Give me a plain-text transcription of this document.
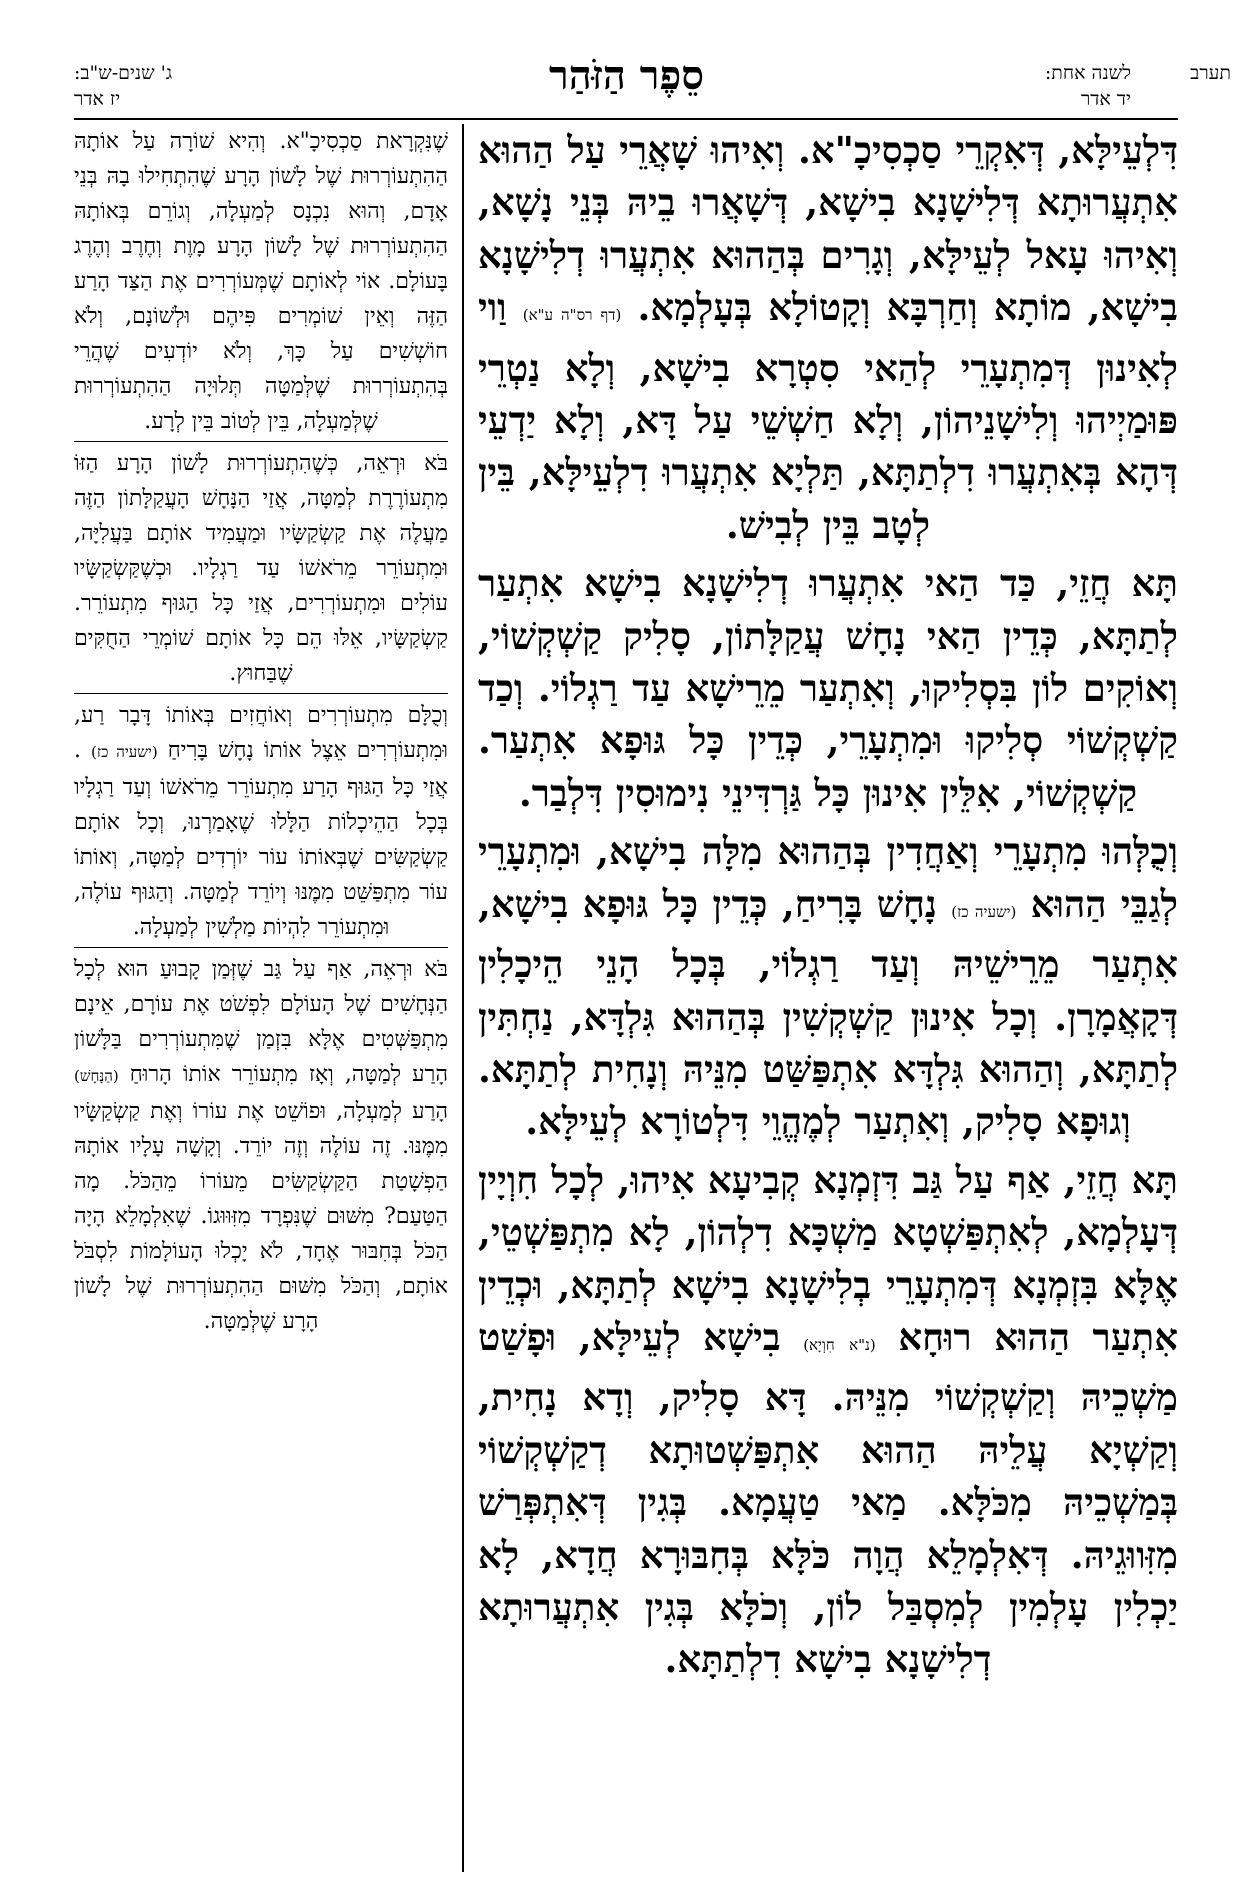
תערב
לשנה אחת:
יד אדר
סֵפֶר הַזֹּהַר
ג' שנים-ש"ב:
יז אדר

דִּלְעֵילָּא, דְּאִקְרֵי סַכְסִיכָ"א. וְאִיהוּ שָׁאֲרֵי עַל הַהוּא אִתְעֲרוּתָא דְּלִישָׁנָא בִישָׁא, דְּשָׁאֲרוּ בֵיהּ בְּנֵי נָשָׁא, וְאִיהוּ עָאל לְעֵילָּא, וְגָרִים בְּהַהוּא אִתְעֲרוּ דְלִישָׁנָא בִישָׁא, מוֹתָא וְחַרְבָּא וְקָטוֹלָא בְּעָלְמָא. (דף רס"ה ע"א) וַוי לְאִינוּן דְּמִתְעָרֵי לְהַאי סִטְרָא בִישָׁא, וְלָא נַטְרֵי פּוּמַיְיהוּ וְלִישָׁנֵיהוֹן, וְלָא חַשְׁשֵׁי עַל דָּא, וְלָא יַדְעֵי דְּהָא בְּאִתְעֲרוּ דִלְתַתָּא, תַּלְיָא אִתְעֲרוּ דִלְעֵילָּא, בֵּין לְטָב בֵּין לְבִישׁ.

תָּא חֲזֵי, כַּד הַאי אִתְעֲרוּ דְלִישָׁנָא בִישָׁא אִתְעַר לְתַתָּא, כְּדֵין הַאי נָחָשׁ עֲקַלָּתוֹן, סָלִיק קַשְׁקְשׁוֹי, וְאוֹקִים לוֹן בִּסְלִיקוּ, וְאִתְעַר מֵרֵישָׁא עַד רַגְלוֹי. וְכַד קַשְׁקְשׁוֹי סְלִיקוּ וּמִתְעָרֵי, כְּדֵין כָּל גּוּפָא אִתְעַר. קַשְׁקְשׁוֹי, אִלֵּין אִינוּן כָּל גַּרְדִּינֵי נִימוּסִין דִּלְבַר.

וְכֻלְּהוּ מִתְעָרֵי וְאַחֲדִין בְּהַהוּא מִלָּה בִישָׁא, וּמִתְעָרֵי לְגַבֵּי הַהוּא (ישעיה כז) נָחָשׁ בָּרִיחַ, כְּדֵין כָּל גּוּפָא בִישָׁא, אִתְעַר מֵרֵישֵׁיהּ וְעַד רַגְלוֹי, בְּכָל הָנֵי הֵיכָלִין דְּקָאֲמָרָן. וְכָל אִינוּן קַשְׁקְשִׁין בְּהַהוּא גִּלְדָּא, נַחְתִּין לְתַתָּא, וְהַהוּא גִּלְדָּא אִתְפַּשַּׁט מִנֵּיהּ וְנָחִית לְתַתָּא. וְגוּפָא סָלִיק, וְאִתְעַר לְמֶהֱוֵי דִּלְטוֹרָא לְעֵילָּא.

תָּא חֲזֵי, אַף עַל גַּב דִּזְמְנָא קְבִיעָא אִיהוּ, לְכָל חִוְיָין דְּעָלְמָא, לְאִתְפַּשְׁטָא מַשְׁכָּא דִלְהוֹן, לָא מִתְפַּשְׁטֵי, אֶלָּא בִּזְמְנָא דְּמִתְעָרֵי בְלִישָׁנָא בִישָׁא לְתַתָּא, וּכְדֵין אִתְעַר הַהוּא רוּחָא (נ"א חִוְיָא) בִישָׁא לְעֵילָּא, וּפָשַׁט מַשְׁכֵיהּ וְקַשְׁקְשׁוֹי מִנֵּיהּ. דָּא סָלִיק, וְדָא נָחִית, וְקַשְׁיָא עֲלֵיהּ הַהוּא אִתְפַּשְׁטוּתָא דְקַשְׁקְשׁוֹי בְּמַשְׁכֵיהּ מִכֹּלָּא. מַאי טַעֲמָא. בְּגִין דְּאִתְפְּרַשׁ מִזִּווּגֵיהּ. דְּאִלְמָלֵא הֲוָה כֹּלָּא בְּחִבּוּרָא חֲדָא, לָא יַכְלִין עָלְמִין לְמִסְבַּל לוֹן, וְכֹלָּא בְּגִין אִתְעֲרוּתָא דְלִישָׁנָא בִישָׁא דִלְתַתָּא.

שֶׁנִּקְרָאת סַכְסִיכָ"א. וְהִיא שׁוֹרָה עַל אוֹתָהּ הַהִתְעוֹרְרוּת שֶׁל לָשׁוֹן הָרָע שֶׁהִתְחִילוּ בָהּ בְּנֵי אָדָם, וְהוּא נִכְנָס לְמַעְלָה, וְגוֹרֵם בְּאוֹתָהּ הַהִתְעוֹרְרוּת שֶׁל לָשׁוֹן הָרָע מָוֶת וְחֶרֶב וְהֶרֶג בָּעוֹלָם. אוֹי לְאוֹתָם שֶׁמְּעוֹרְרִים אֶת הַצַּד הָרַע הַזֶּה וְאֵין שׁוֹמְרִים פִּיהֶם וּלְשׁוֹנָם, וְלֹא חוֹשְׁשִׁים עַל כָּךְ, וְלֹא יוֹדְעִים שֶׁהֲרֵי בְּהִתְעוֹרְרוּת שֶׁלְּמַטָּה תְּלוּיָה הַהִתְעוֹרְרוּת שֶׁלְּמַעְלָה, בֵּין לְטוֹב בֵּין לְרָע.

בֹּא וּרְאֵה, כְּשֶׁהִתְעוֹרְרוּת לָשׁוֹן הָרָע הַזּוֹ מִתְעוֹרֶרֶת לְמַטָּה, אֲזַי הַנָּחָשׁ הָעֲקַלָּתוֹן הַזֶּה מַעֲלֶה אֶת קַשְׂקַשָּׂיו וּמַעֲמִיד אוֹתָם בַּעֲלִיָּה, וּמִתְעוֹרֵר מֵרֹאשׁוֹ עַד רַגְלָיו. וּכְשֶׁקַּשְׂקַשָּׂיו עוֹלִים וּמִתְעוֹרְרִים, אֲזַי כָּל הַגּוּף מִתְעוֹרֵר. קַשְׂקַשָּׂיו, אֵלּוּ הֵם כָּל אוֹתָם שׁוֹמְרֵי הַחֻקִּים שֶׁבַּחוּץ.

וְכֻלָּם מִתְעוֹרְרִים וְאוֹחֲזִים בְּאוֹתוֹ דָּבָר רַע, וּמִתְעוֹרְרִים אֵצֶל אוֹתוֹ נָחָשׁ בָּרִיחַ (ישעיה כז) . אֲזַי כָּל הַגּוּף הָרַע מִתְעוֹרֵר מֵרֹאשׁוֹ וְעַד רַגְלָיו בְּכָל הַהֵיכָלוֹת הַלָּלוּ שֶׁאָמַרְנוּ, וְכָל אוֹתָם קַשְׂקַשִּׂים שֶׁבְּאוֹתוֹ עוֹר יוֹרְדִים לְמַטָּה, וְאוֹתוֹ עוֹר מִתְפַּשֵּׁט מִמֶּנּוּ וְיוֹרֵד לְמַטָּה. וְהַגּוּף עוֹלֶה, וּמִתְעוֹרֵר לִהְיוֹת מַלְשִׁין לְמַעְלָה.

בֹּא וּרְאֵה, אַף עַל גַּב שֶׁזְּמַן קָבוּעַ הוּא לְכָל הַנְּחָשִׁים שֶׁל הָעוֹלָם לִפְשֹׁט אֶת עוֹרָם, אֵינָם מִתְפַּשְּׁטִים אֶלָּא בִּזְמַן שֶׁמִּתְעוֹרְרִים בַּלָּשׁוֹן הָרַע לְמַטָּה, וְאָז מִתְעוֹרֵר אוֹתוֹ הָרוּחַ (הַנָּחָשׁ) הָרַע לְמַעְלָה, וּפוֹשֵׁט אֶת עוֹרוֹ וְאֶת קַשְׂקַשָּׂיו מִמֶּנּוּ. זֶה עוֹלֶה וְזֶה יוֹרֵד. וְקָשָׁה עָלָיו אוֹתָהּ הַפְשָׁטַת הַקַּשְׂקַשִּׂים מֵעוֹרוֹ מֵהַכֹּל. מָה הַטַּעַם? מִשּׁוּם שֶׁנִּפְרָד מִזִּוּוּגוֹ. שֶׁאִלְמָלֵא הָיָה הַכֹּל בְּחִבּוּר אֶחָד, לֹא יָכְלוּ הָעוֹלָמוֹת לִסְבֹּל אוֹתָם, וְהַכֹּל מִשּׁוּם הַהִתְעוֹרְרוּת שֶׁל לָשׁוֹן הָרָע שֶׁלְּמַטָּה.
